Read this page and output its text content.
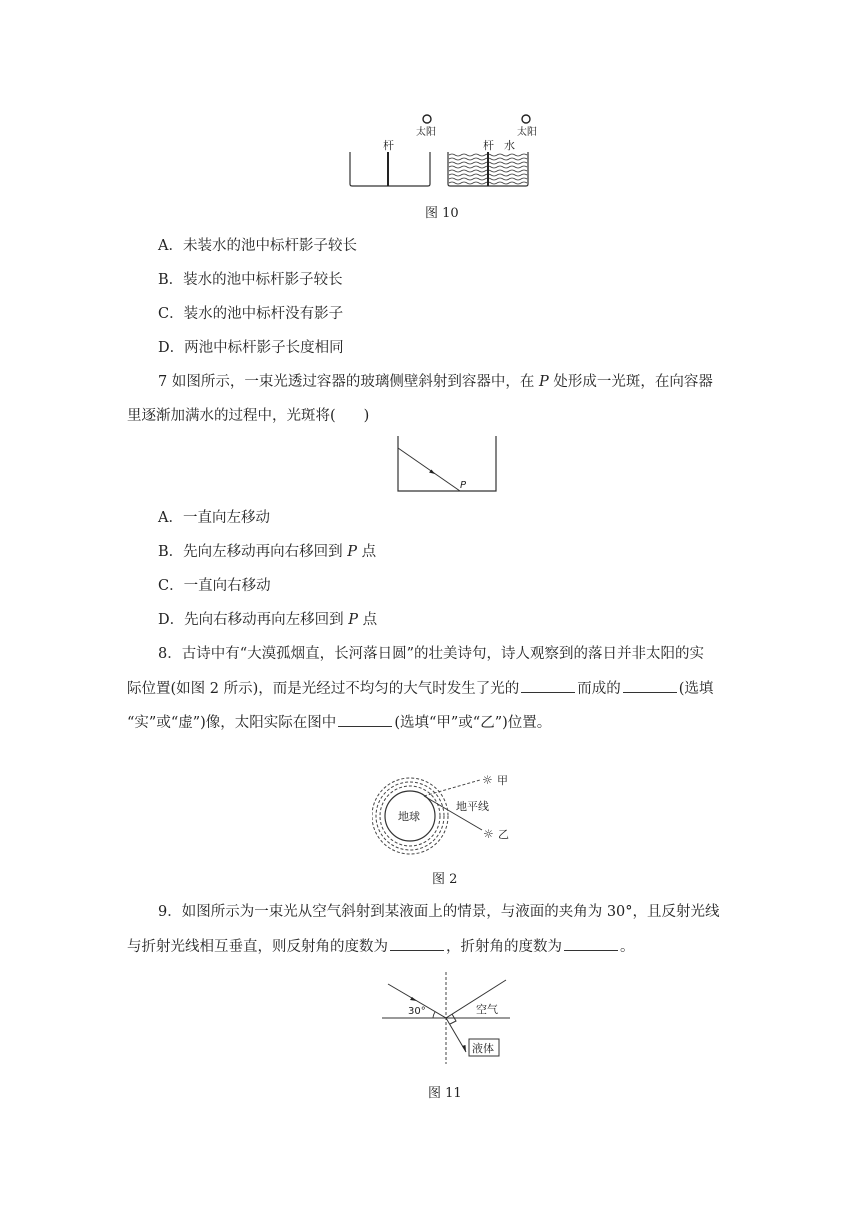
杆
太阳
杆 水
太阳
图 10
A．未装水的池中标杆影子较长
B．装水的池中标杆影子较长
C．装水的池中标杆没有影子
D．两池中标杆影子长度相同
7 如图所示，一束光透过容器的玻璃侧壁斜射到容器中，在 P 处形成一光斑，在向容器
里逐渐加满水的过程中，光斑将( )
P
A．一直向左移动
B．先向左移动再向右移回到 P 点
C．一直向右移动
D．先向右移动再向左移回到 P 点
8．古诗中有“大漠孤烟直，长河落日圆”的壮美诗句，诗人观察到的落日并非太阳的实
际位置(如图 2 所示)，而是光经过不均匀的大气时发生了光的	而成的	(选填
“实”或“虚”)像，太阳实际在图中	(选填“甲”或“乙”)位置。
地球
地平线
☼ 甲
☼ 乙
图 2
9．如图所示为一束光从空气斜射到某液面上的情景，与液面的夹角为 30°，且反射光线
与折射光线相互垂直，则反射角的度数为	，折射角的度数为	。
30°	空气
液体
图 11
